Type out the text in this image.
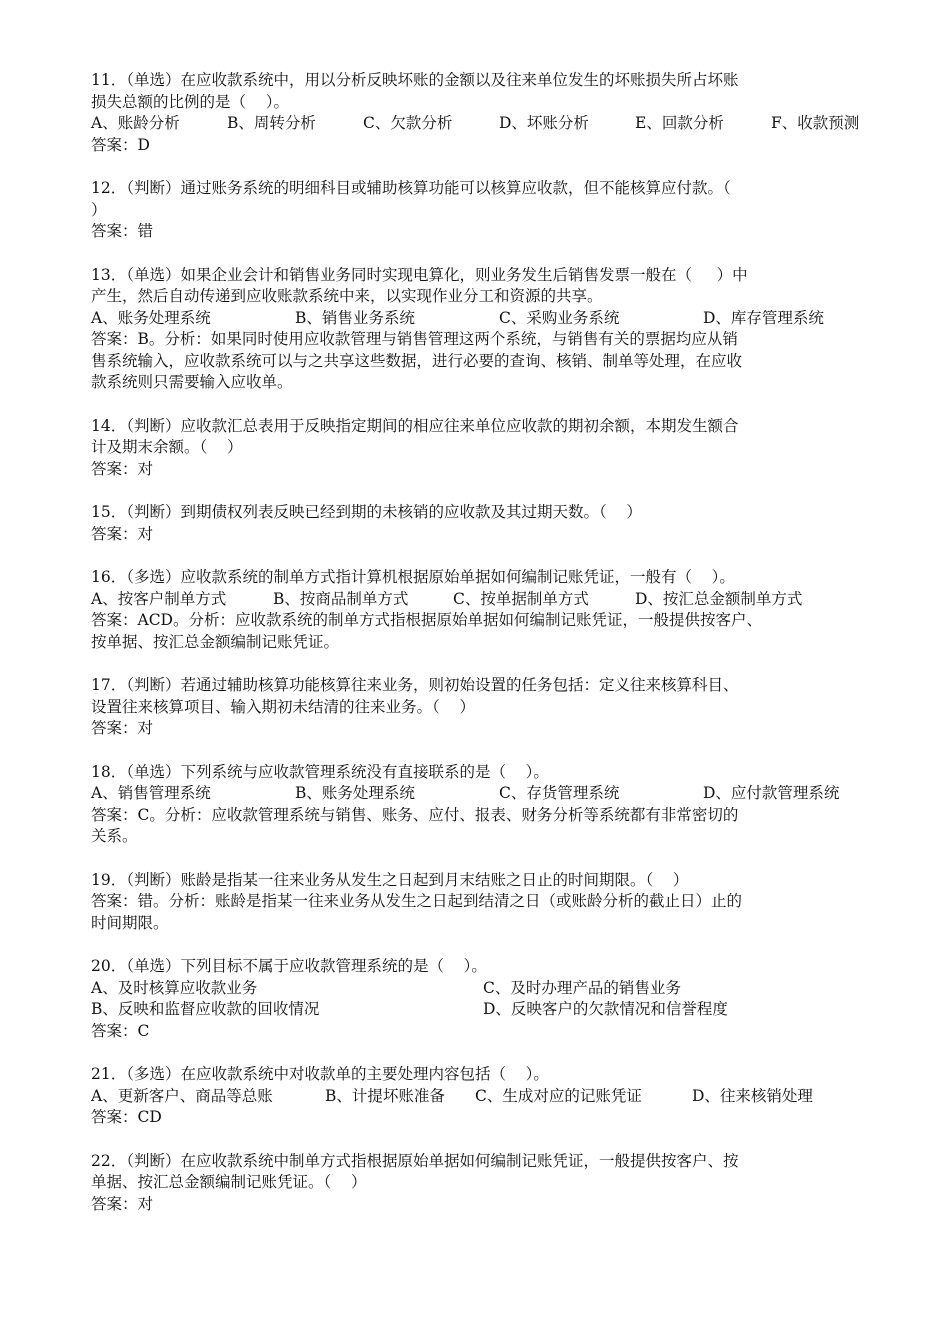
11．（单选）在应收款系统中，用以分析反映坏账的金额以及往来单位发生的坏账损失所占坏账
损失总额的比例的是（    ）。
A、账龄分析	B、周转分析	C、欠款分析	D、坏账分析	E、回款分析	F、收款预测
答案：D
12．（判断）通过账务系统的明细科目或辅助核算功能可以核算应收款，但不能核算应付款。（
）
答案：错
13．（单选）如果企业会计和销售业务同时实现电算化，则业务发生后销售发票一般在（     ）中
产生，然后自动传递到应收账款系统中来，以实现作业分工和资源的共享。
A、账务处理系统	B、销售业务系统	C、采购业务系统	D、库存管理系统
答案：B。分析：如果同时使用应收款管理与销售管理这两个系统，与销售有关的票据均应从销
售系统输入，应收款系统可以与之共享这些数据，进行必要的查询、核销、制单等处理，在应收
款系统则只需要输入应收单。
14．（判断）应收款汇总表用于反映指定期间的相应往来单位应收款的期初余额，本期发生额合
计及期末余额。（    ）
答案：对
15．（判断）到期债权列表反映已经到期的未核销的应收款及其过期天数。（    ）
答案：对
16．（多选）应收款系统的制单方式指计算机根据原始单据如何编制记账凭证，一般有（    ）。
A、按客户制单方式	B、按商品制单方式	C、按单据制单方式	D、按汇总金额制单方式
答案：ACD。分析：应收款系统的制单方式指根据原始单据如何编制记账凭证，一般提供按客户、
按单据、按汇总金额编制记账凭证。
17．（判断）若通过辅助核算功能核算往来业务，则初始设置的任务包括：定义往来核算科目、
设置往来核算项目、输入期初未结清的往来业务。（    ）
答案：对
18．（单选）下列系统与应收款管理系统没有直接联系的是（    ）。
A、销售管理系统	B、账务处理系统	C、存货管理系统	D、应付款管理系统
答案：C。分析：应收款管理系统与销售、账务、应付、报表、财务分析等系统都有非常密切的
关系。
19．（判断）账龄是指某一往来业务从发生之日起到月末结账之日止的时间期限。（    ）
答案：错。分析：账龄是指某一往来业务从发生之日起到结清之日（或账龄分析的截止日）止的
时间期限。
20．（单选）下列目标不属于应收款管理系统的是（    ）。
A、及时核算应收款业务	C、及时办理产品的销售业务
B、反映和监督应收款的回收情况	D、反映客户的欠款情况和信誉程度
答案：C
21．（多选）在应收款系统中对收款单的主要处理内容包括（    ）。
A、更新客户、商品等总账	B、计提坏账准备	C、生成对应的记账凭证	D、往来核销处理
答案：CD
22．（判断）在应收款系统中制单方式指根据原始单据如何编制记账凭证，一般提供按客户、按
单据、按汇总金额编制记账凭证。（    ）
答案：对
